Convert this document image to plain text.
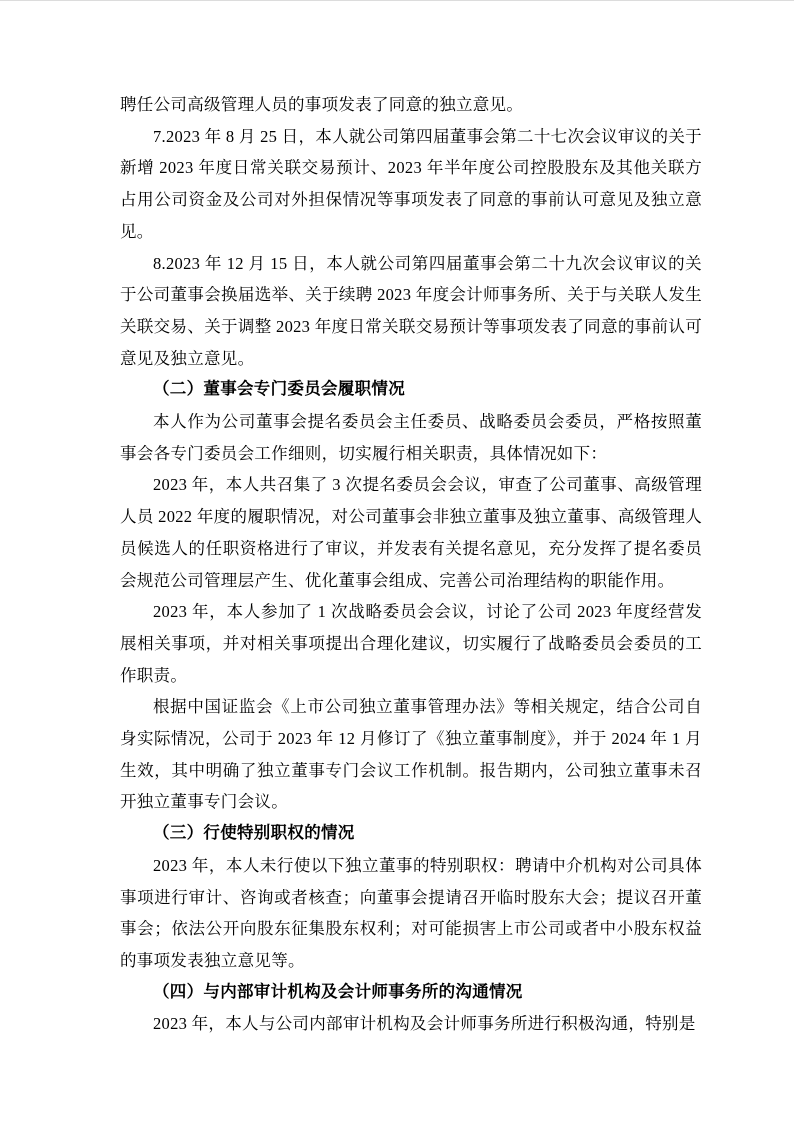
聘任公司高级管理人员的事项发表了同意的独立意见。

7.2023 年 8 月 25 日，本人就公司第四届董事会第二十七次会议审议的关于新增 2023 年度日常关联交易预计、2023 年半年度公司控股股东及其他关联方占用公司资金及公司对外担保情况等事项发表了同意的事前认可意见及独立意见。

8.2023 年 12 月 15 日，本人就公司第四届董事会第二十九次会议审议的关于公司董事会换届选举、关于续聘 2023 年度会计师事务所、关于与关联人发生关联交易、关于调整 2023 年度日常关联交易预计等事项发表了同意的事前认可意见及独立意见。

（二）董事会专门委员会履职情况

本人作为公司董事会提名委员会主任委员、战略委员会委员，严格按照董事会各专门委员会工作细则，切实履行相关职责，具体情况如下：

2023 年，本人共召集了 3 次提名委员会会议，审查了公司董事、高级管理人员 2022 年度的履职情况，对公司董事会非独立董事及独立董事、高级管理人员候选人的任职资格进行了审议，并发表有关提名意见，充分发挥了提名委员会规范公司管理层产生、优化董事会组成、完善公司治理结构的职能作用。

2023 年，本人参加了 1 次战略委员会会议，讨论了公司 2023 年度经营发展相关事项，并对相关事项提出合理化建议，切实履行了战略委员会委员的工作职责。

根据中国证监会《上市公司独立董事管理办法》等相关规定，结合公司自身实际情况，公司于 2023 年 12 月修订了《独立董事制度》，并于 2024 年 1 月生效，其中明确了独立董事专门会议工作机制。报告期内，公司独立董事未召开独立董事专门会议。

（三）行使特别职权的情况

2023 年，本人未行使以下独立董事的特别职权：聘请中介机构对公司具体事项进行审计、咨询或者核查；向董事会提请召开临时股东大会；提议召开董事会；依法公开向股东征集股东权利；对可能损害上市公司或者中小股东权益的事项发表独立意见等。

（四）与内部审计机构及会计师事务所的沟通情况

2023 年，本人与公司内部审计机构及会计师事务所进行积极沟通，特别是
